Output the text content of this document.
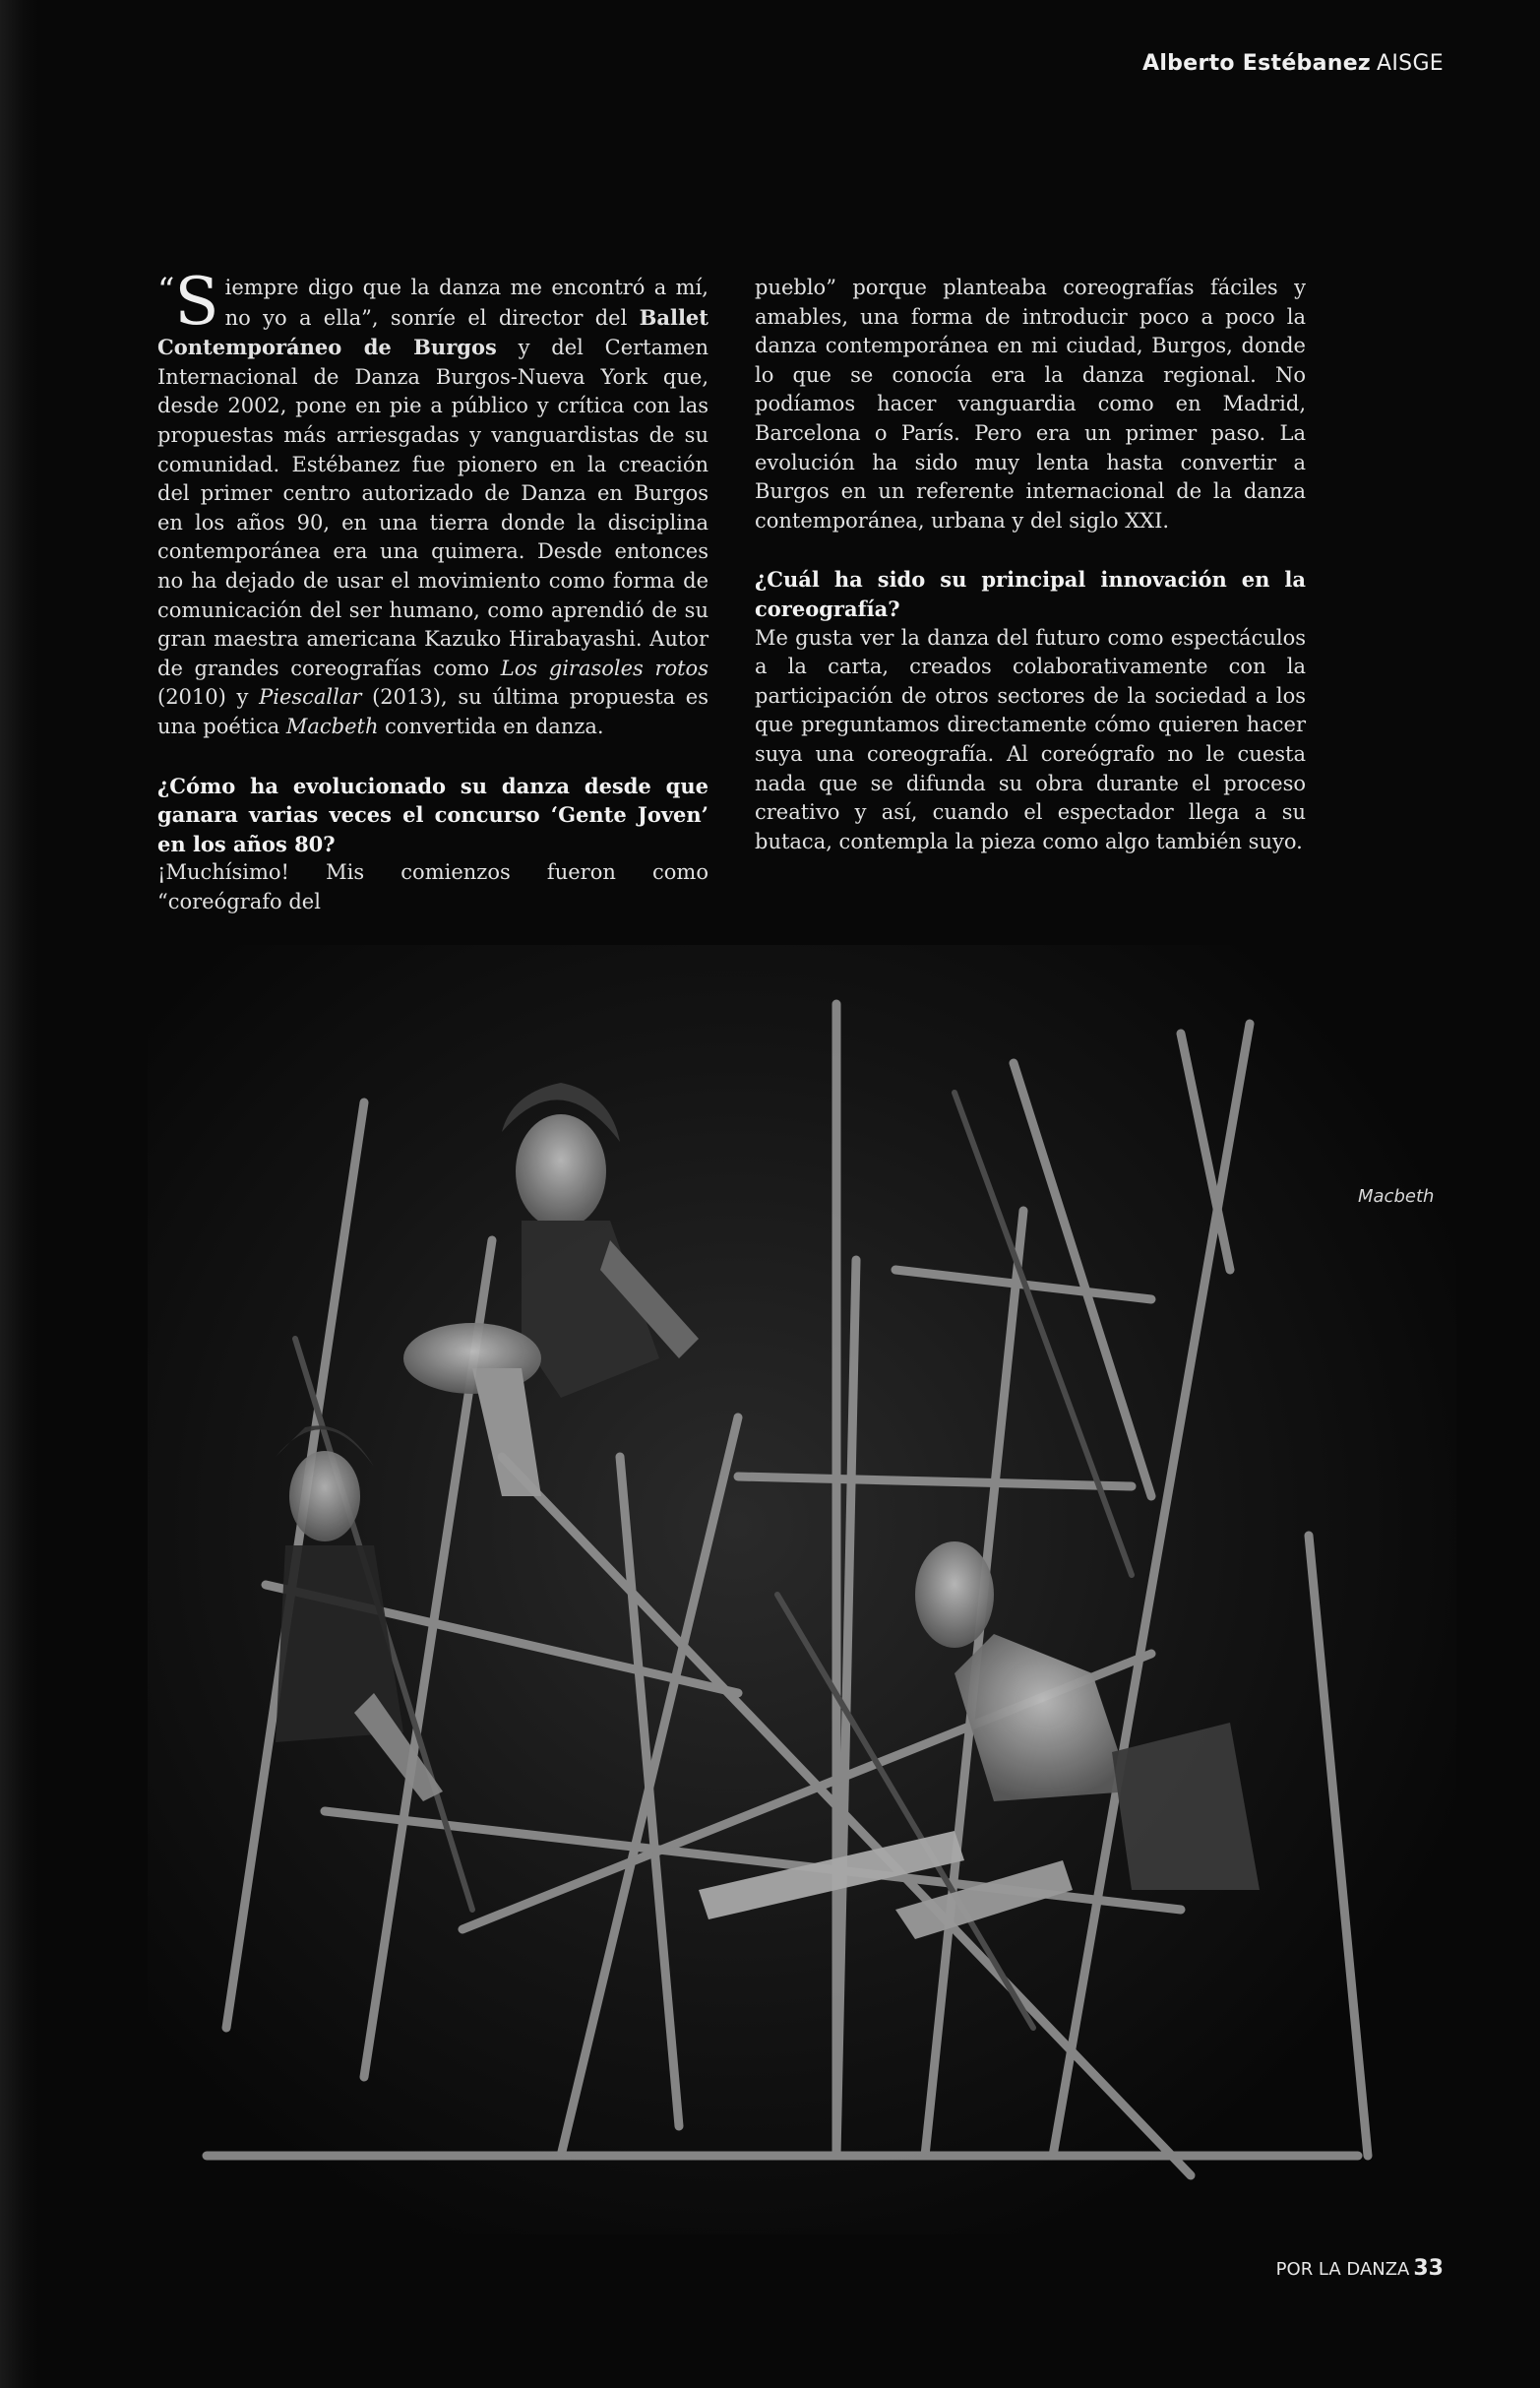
Alberto Estébanez AISGE

“S iempre digo que la danza me encontró a mí, no yo a ella”, sonríe el director del Ballet Contemporáneo de Burgos y del Certamen Internacional de Danza Burgos-Nueva York que, desde 2002, pone en pie a público y crítica con las propuestas más arriesgadas y vanguardistas de su comunidad. Estébanez fue pionero en la creación del primer centro autorizado de Danza en Burgos en los años 90, en una tierra donde la disciplina contemporánea era una quimera. Desde entonces no ha dejado de usar el movimiento como forma de comunicación del ser humano, como aprendió de su gran maestra americana Kazuko Hirabayashi. Autor de grandes coreografías como Los girasoles rotos (2010) y Piescallar (2013), su última propuesta es una poética Macbeth convertida en danza.

¿Cómo ha evolucionado su danza desde que ganara varias veces el concurso ‘Gente Joven’ en los años 80?

¡Muchísimo! Mis comienzos fueron como “coreógrafo del

pueblo” porque planteaba coreografías fáciles y amables, una forma de introducir poco a poco la danza contemporánea en mi ciudad, Burgos, donde lo que se conocía era la danza regional. No podíamos hacer vanguardia como en Madrid, Barcelona o París. Pero era un primer paso. La evolución ha sido muy lenta hasta convertir a Burgos en un referente internacional de la danza contemporánea, urbana y del siglo XXI.

¿Cuál ha sido su principal innovación en la coreografía?

Me gusta ver la danza del futuro como espectáculos a la carta, creados colaborativamente con la participación de otros sectores de la sociedad a los que preguntamos directamente cómo quieren hacer suya una coreografía. Al coreógrafo no le cuesta nada que se difunda su obra durante el proceso creativo y así, cuando el espectador llega a su butaca, contempla la pieza como algo también suyo.

Macbeth
POR LA DANZA 33
